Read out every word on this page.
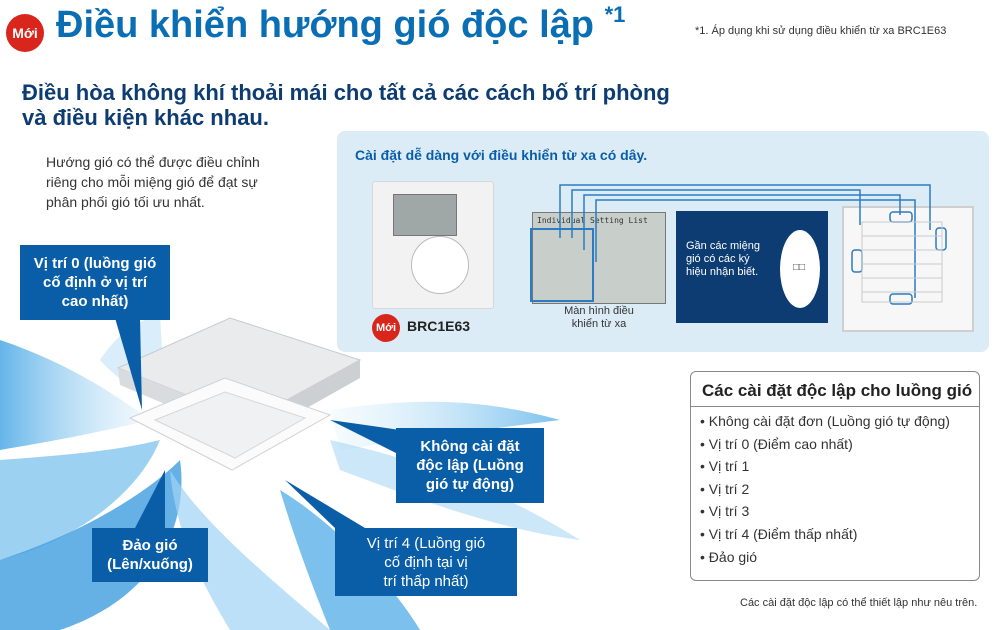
Mới Điều khiển hướng gió độc lập $^{*1}$
*1. Áp dụng khi sử dụng điều khiển từ xa BRC1E63
Điều hòa không khí thoải mái cho tất cả các cách bố trí phòng
và điều kiện khác nhau.
Hướng gió có thể được điều chỉnh
riêng cho mỗi miệng gió để đạt sự
phân phối gió tối ưu nhất.
Vị trí 0 (luồng gió
cố định ở vị trí
cao nhất)
Không cài đặt
độc lập (Luồng
gió tự động)
Đảo gió
(Lên/xuống)
Vị trí 4 (Luồng gió
cố định tại vị
trí thấp nhất)
Cài đặt dễ dàng với điều khiển từ xa có dây.
Mới BRC1E63
Individual Setting List
Màn hình điều
khiển từ xa
□□
Gần các miệng
gió có các ký
hiệu nhận biết.
Các cài đặt độc lập cho luồng gió
• Không cài đặt đơn (Luồng gió tự động)
• Vị trí 0 (Điểm cao nhất)
• Vị trí 1
• Vị trí 2
• Vị trí 3
• Vị trí 4 (Điểm thấp nhất)
• Đảo gió
Các cài đặt độc lập có thể thiết lập như nêu trên.
